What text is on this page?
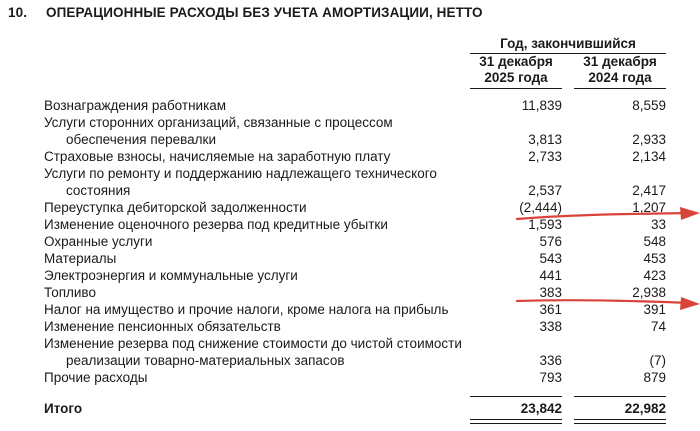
10. ОПЕРАЦИОННЫЕ РАСХОДЫ БЕЗ УЧЕТА АМОРТИЗАЦИИ, НЕТТО
Год, закончившийся
31 декабря
2025 года
31 декабря
2024 года
Вознаграждения работникам	11,839	8,559
Услуги сторонних организаций, связанные с процессом
обеспечения перевалки	3,813	2,933
Страховые взносы, начисляемые на заработную плату	2,733	2,134
Услуги по ремонту и поддержанию надлежащего технического
состояния	2,537	2,417
Переуступка дебиторской задолженности	(2,444)	1,207
Изменение оценочного резерва под кредитные убытки	1,593	33
Охранные услуги	576	548
Материалы	543	453
Электроэнергия и коммунальные услуги	441	423
Топливо	383	2,938
Налог на имущество и прочие налоги, кроме налога на прибыль	361	391
Изменение пенсионных обязательств	338	74
Изменение резерва под снижение стоимости до чистой стоимости
реализации товарно-материальных запасов	336	(7)
Прочие расходы	793	879
Итого	23,842	22,982
